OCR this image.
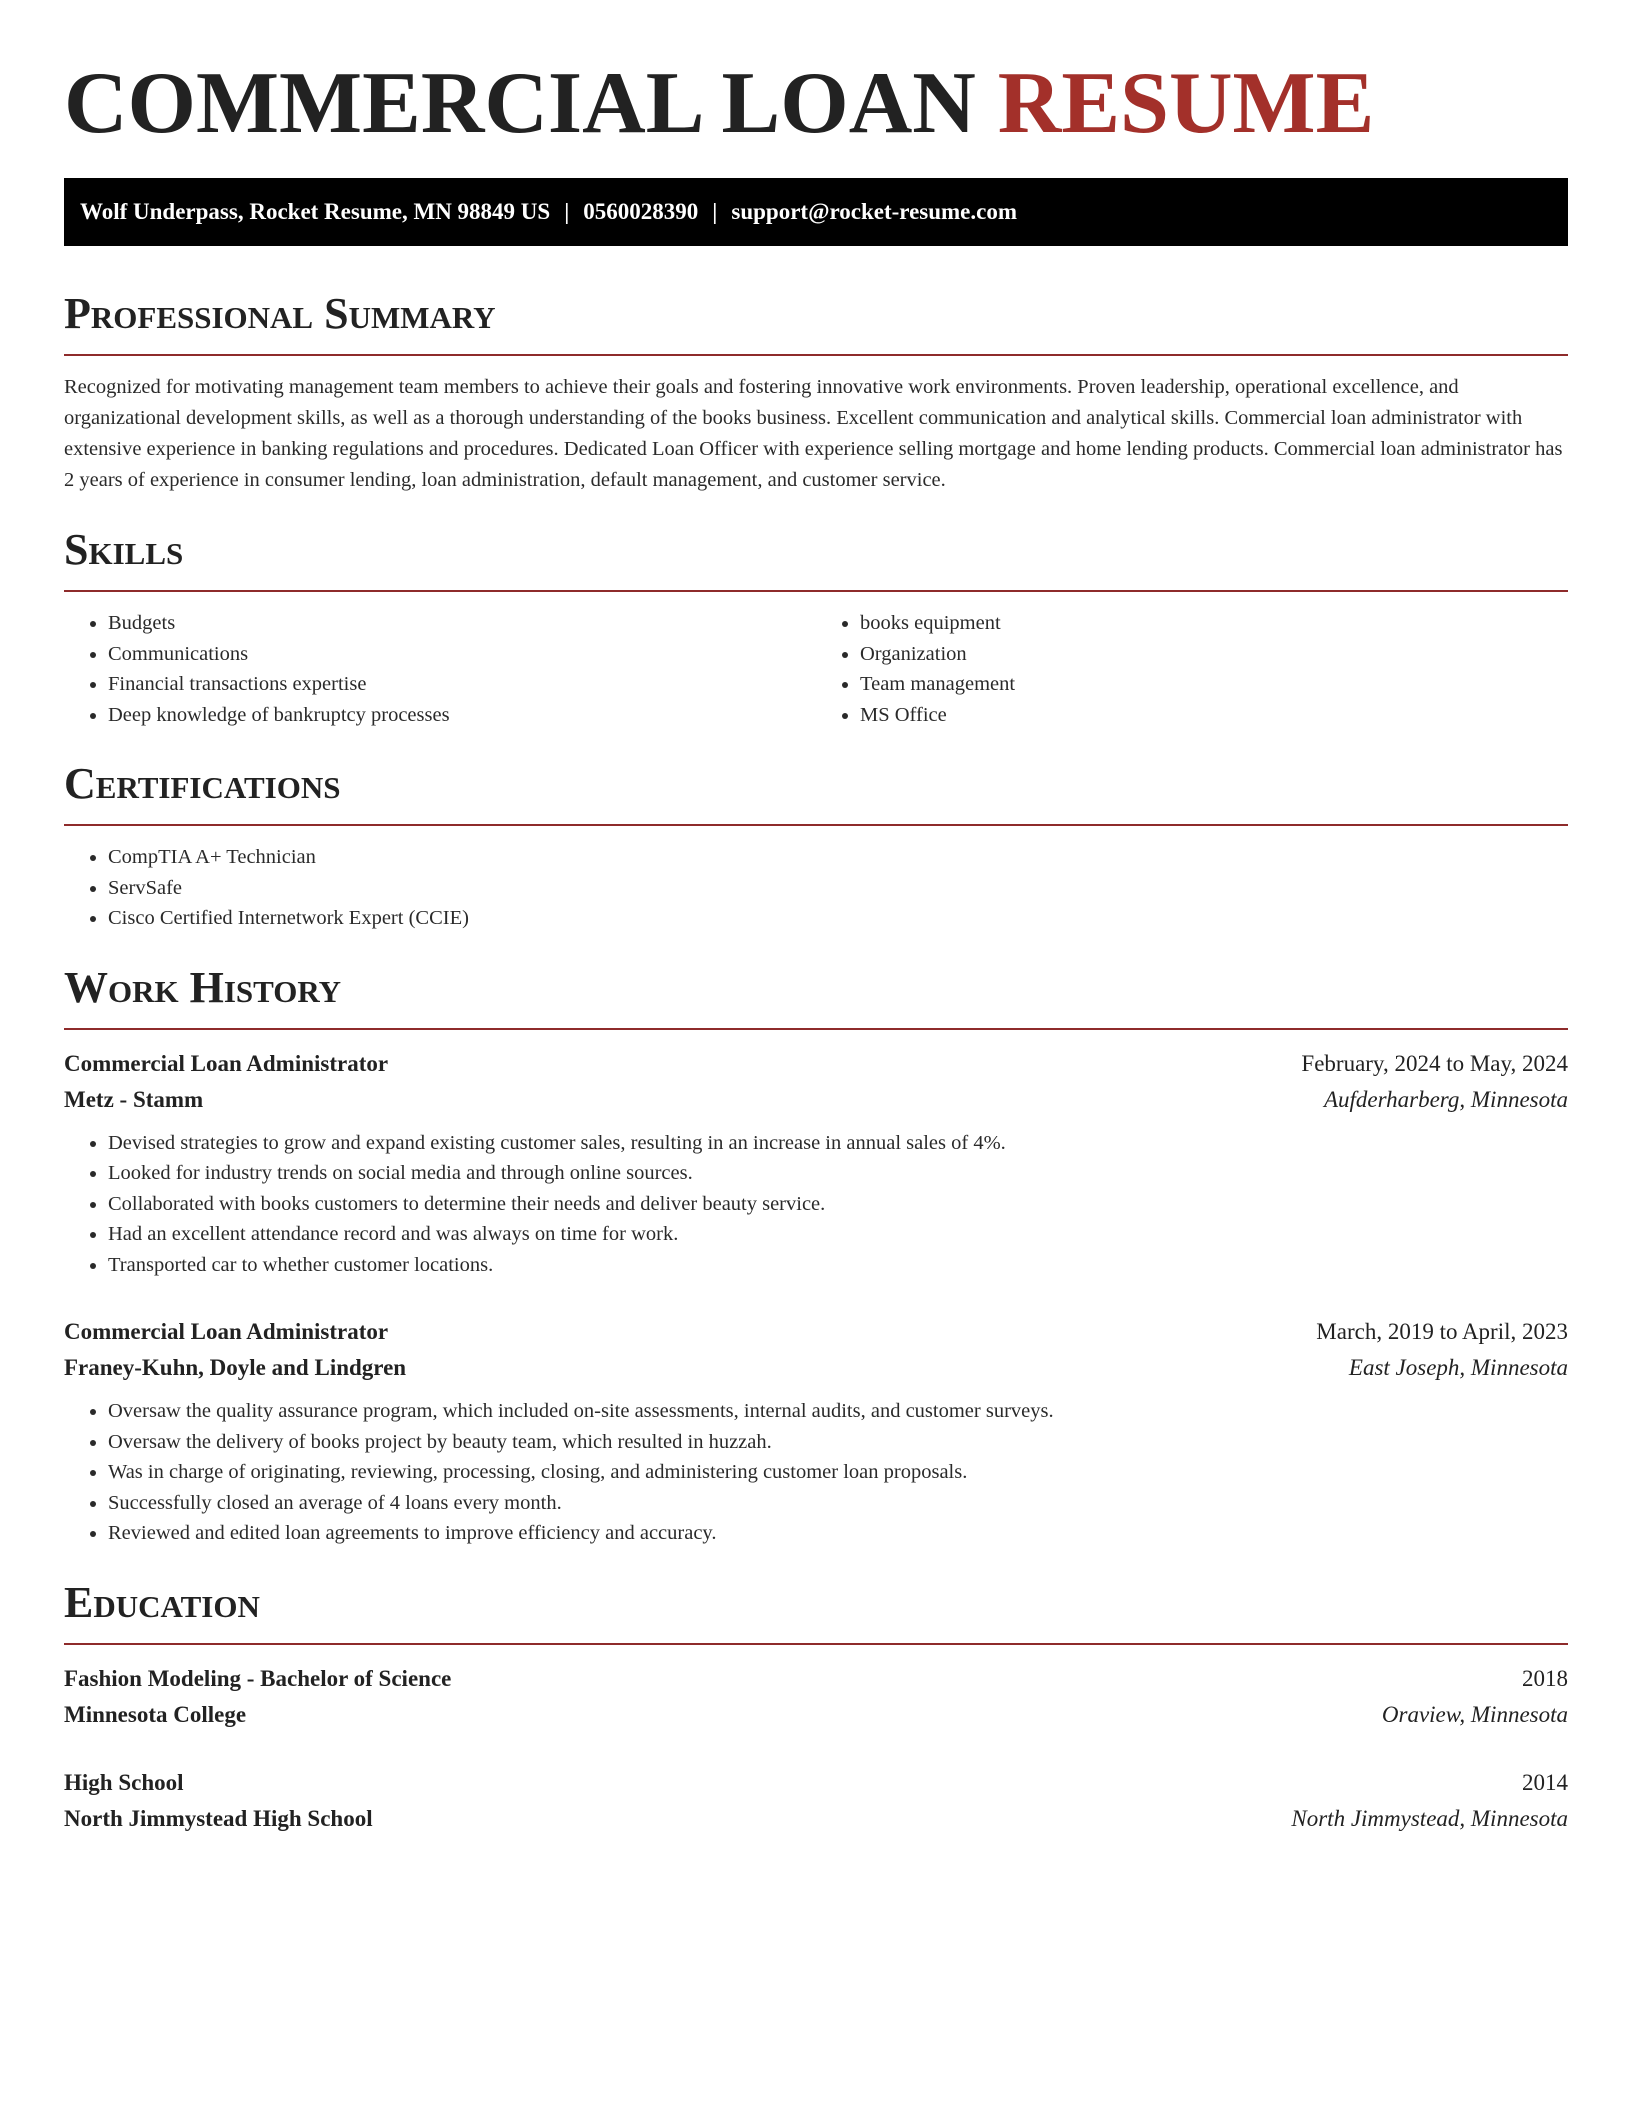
COMMERCIAL LOAN RESUME
Wolf Underpass, Rocket Resume, MN 98849 US | 0560028390 | support@rocket-resume.com
Professional Summary

Recognized for motivating management team members to achieve their goals and fostering innovative work environments. Proven leadership, operational excellence, and organizational development skills, as well as a thorough understanding of the books business. Excellent communication and analytical skills. Commercial loan administrator with extensive experience in banking regulations and procedures. Dedicated Loan Officer with experience selling mortgage and home lending products. Commercial loan administrator has 2 years of experience in consumer lending, loan administration, default management, and customer service.

Skills
• Budgets
• Communications
• Financial transactions expertise
• Deep knowledge of bankruptcy processes
• books equipment
• Organization
• Team management
• MS Office
Certifications
• CompTIA A+ Technician
• ServSafe
• Cisco Certified Internetwork Expert (CCIE)
Work History
Commercial Loan Administrator	February, 2024 to May, 2024
Metz - Stamm	Aufderharberg, Minnesota
• Devised strategies to grow and expand existing customer sales, resulting in an increase in annual sales of 4%.
• Looked for industry trends on social media and through online sources.
• Collaborated with books customers to determine their needs and deliver beauty service.
• Had an excellent attendance record and was always on time for work.
• Transported car to whether customer locations.
Commercial Loan Administrator	March, 2019 to April, 2023
Franey-Kuhn, Doyle and Lindgren	East Joseph, Minnesota
• Oversaw the quality assurance program, which included on-site assessments, internal audits, and customer surveys.
• Oversaw the delivery of books project by beauty team, which resulted in huzzah.
• Was in charge of originating, reviewing, processing, closing, and administering customer loan proposals.
• Successfully closed an average of 4 loans every month.
• Reviewed and edited loan agreements to improve efficiency and accuracy.
Education
Fashion Modeling - Bachelor of Science	2018
Minnesota College	Oraview, Minnesota
High School	2014
North Jimmystead High School	North Jimmystead, Minnesota
